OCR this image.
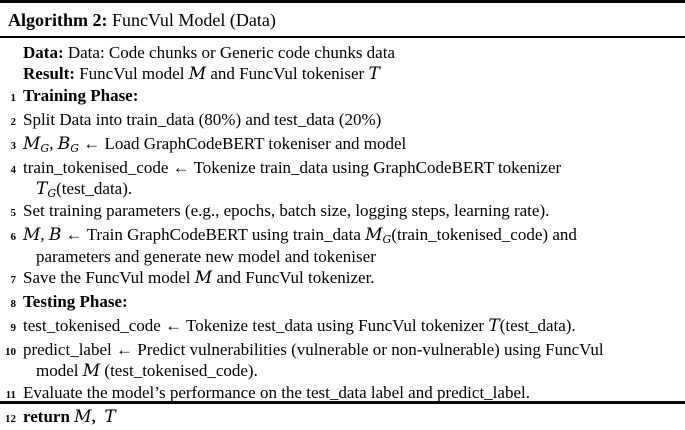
Algorithm 2: FuncVul Model (Data)
Data: Data: Code chunks or Generic code chunks data
Result: FuncVul model M and FuncVul tokeniser T
1 Training Phase:
2 Split Data into train_data (80%) and test_data (20%)
3 $M_G$, $B_G$ ← Load GraphCodeBERT tokeniser and model
4 train_tokenised_code ← Tokenize train_data using GraphCodeBERT tokenizer
$T_G(test\_data)$.
5 Set training parameters (e.g., epochs, batch size, logging steps, learning rate).
6 M, B ← Train GraphCodeBERT using train_data $M_G(train\_tokenised\_code)$ and
parameters and generate new model and tokeniser
7 Save the FuncVul model M and FuncVul tokenizer.
8 Testing Phase:
9 test_tokenised_code ← Tokenize test_data using FuncVul tokenizer T(test_data).
10 predict_label ← Predict vulnerabilities (vulnerable or non-vulnerable) using FuncVul
model M (test_tokenised_code).
11 Evaluate the model’s performance on the test_data label and predict_label.
12 return M, T
